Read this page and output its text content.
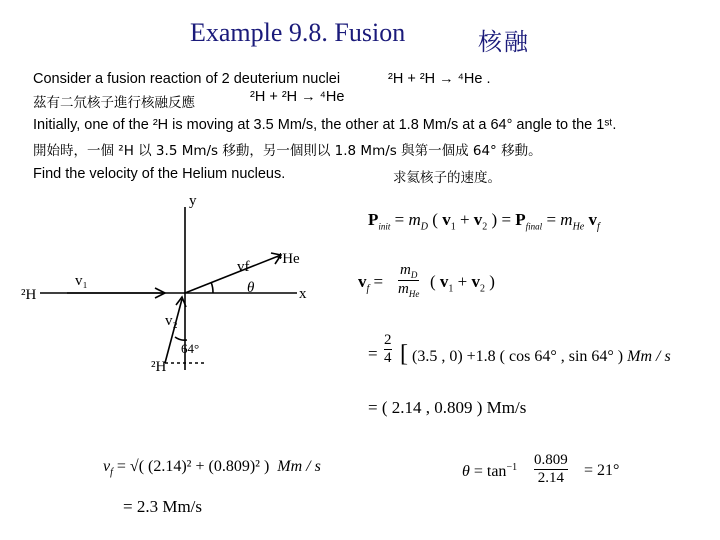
Example 9.8. Fusion	核融
Consider a fusion reaction of 2 deuterium nuclei	²H + ²H → ⁴He .
茲有二氘核子進行核融反應	²H + ²H → ⁴He
Initially, one of the ²H is moving at 3.5 Mm/s, the other at 1.8 Mm/s at a 64° angle to the 1ˢᵗ.
開始時，一個 ²H 以 3.5 Mm/s 移動，另一個則以 1.8 Mm/s 與第一個成 64° 移動。
Find the velocity of the Helium nucleus.	求氦核子的速度。
y
x
²H
v₁
⁴He
vf
θ
v₂
64°
²H
$P_{init} = m_D$ ( $v_1 + v_2$ ) = $P_{final} = m_{He}$ $v_f$
$v_f$ =
$m_D$
$m_{He}$
( $v_1 + v_2$ )
=
2
4 [ (3.5 , 0) +1.8 ( cos 64° , sin 64° ) Mm / s
= ( 2.14 , 0.809 ) Mm/s
$v_f$ = √( (2.14)² + (0.809)² )  Mm / s
= 2.3 Mm/s
$\theta = \tan^{-1} 0.809$
2.14 = 21°
